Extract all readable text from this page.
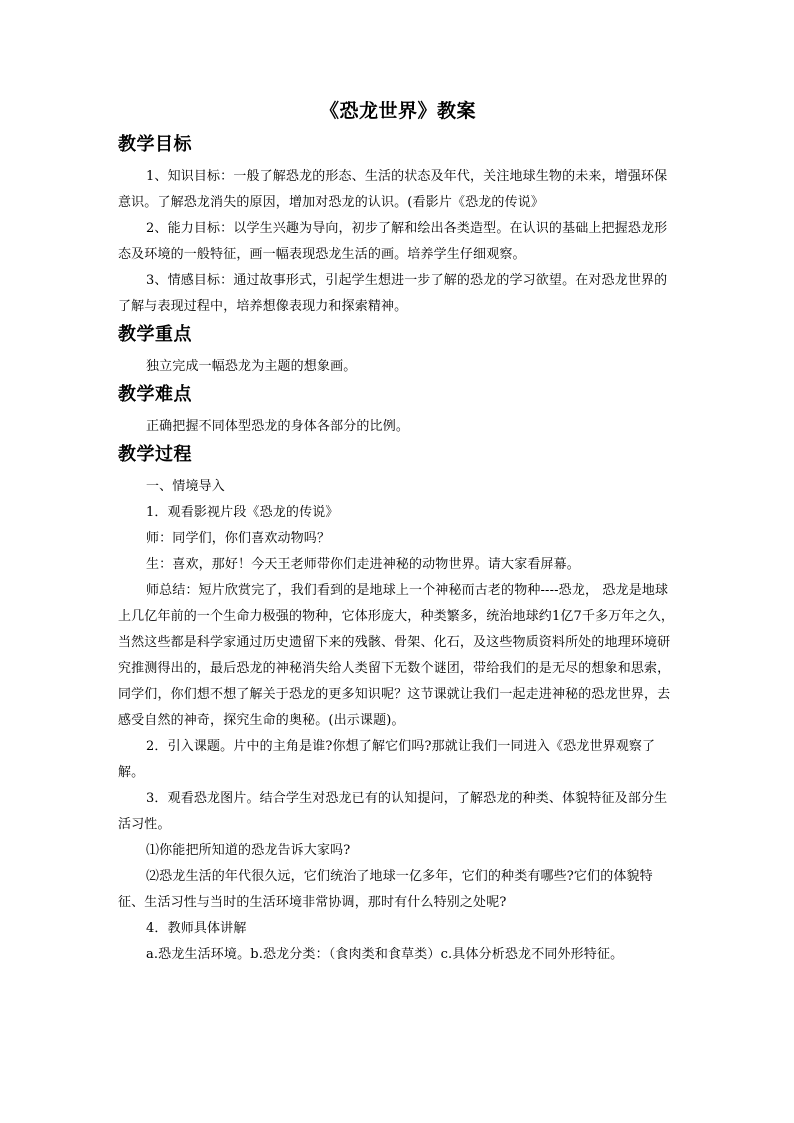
《恐龙世界》教案
教学目标

1、知识目标：一般了解恐龙的形态、生活的状态及年代，关注地球生物的未来，增强环保意识。了解恐龙消失的原因，增加对恐龙的认识。(看影片《恐龙的传说》

2、能力目标：以学生兴趣为导向，初步了解和绘出各类造型。在认识的基础上把握恐龙形态及环境的一般特征，画一幅表现恐龙生活的画。培养学生仔细观察。

3、情感目标：通过故事形式，引起学生想进一步了解的恐龙的学习欲望。在对恐龙世界的了解与表现过程中，培养想像表现力和探索精神。

教学重点

独立完成一幅恐龙为主题的想象画。

教学难点

正确把握不同体型恐龙的身体各部分的比例。

教学过程

一、情境导入

1．观看影视片段《恐龙的传说》

师：同学们，你们喜欢动物吗？

生：喜欢，那好！今天王老师带你们走进神秘的动物世界。请大家看屏幕。

师总结：短片欣赏完了，我们看到的是地球上一个神秘而古老的物种----恐龙， 恐龙是地球上几亿年前的一个生命力极强的物种，它体形庞大，种类繁多，统治地球约1亿7千多万年之久，当然这些都是科学家通过历史遗留下来的残骸、骨架、化石，及这些物质资料所处的地理环境研究推测得出的，最后恐龙的神秘消失给人类留下无数个谜团，带给我们的是无尽的想象和思索，同学们，你们想不想了解关于恐龙的更多知识呢？这节课就让我们一起走进神秘的恐龙世界，去感受自然的神奇，探究生命的奥秘。(出示课题)。

2．引入课题。片中的主角是谁?你想了解它们吗?那就让我们一同进入《恐龙世界观察了解。

3．观看恐龙图片。结合学生对恐龙已有的认知提问，了解恐龙的种类、体貌特征及部分生活习性。

⑴你能把所知道的恐龙告诉大家吗?

⑵恐龙生活的年代很久远，它们统治了地球一亿多年，它们的种类有哪些?它们的体貌特征、生活习性与当时的生活环境非常协调，那时有什么特别之处呢?

4．教师具体讲解

a.恐龙生活环境。b.恐龙分类：（食肉类和食草类）c.具体分析恐龙不同外形特征。
